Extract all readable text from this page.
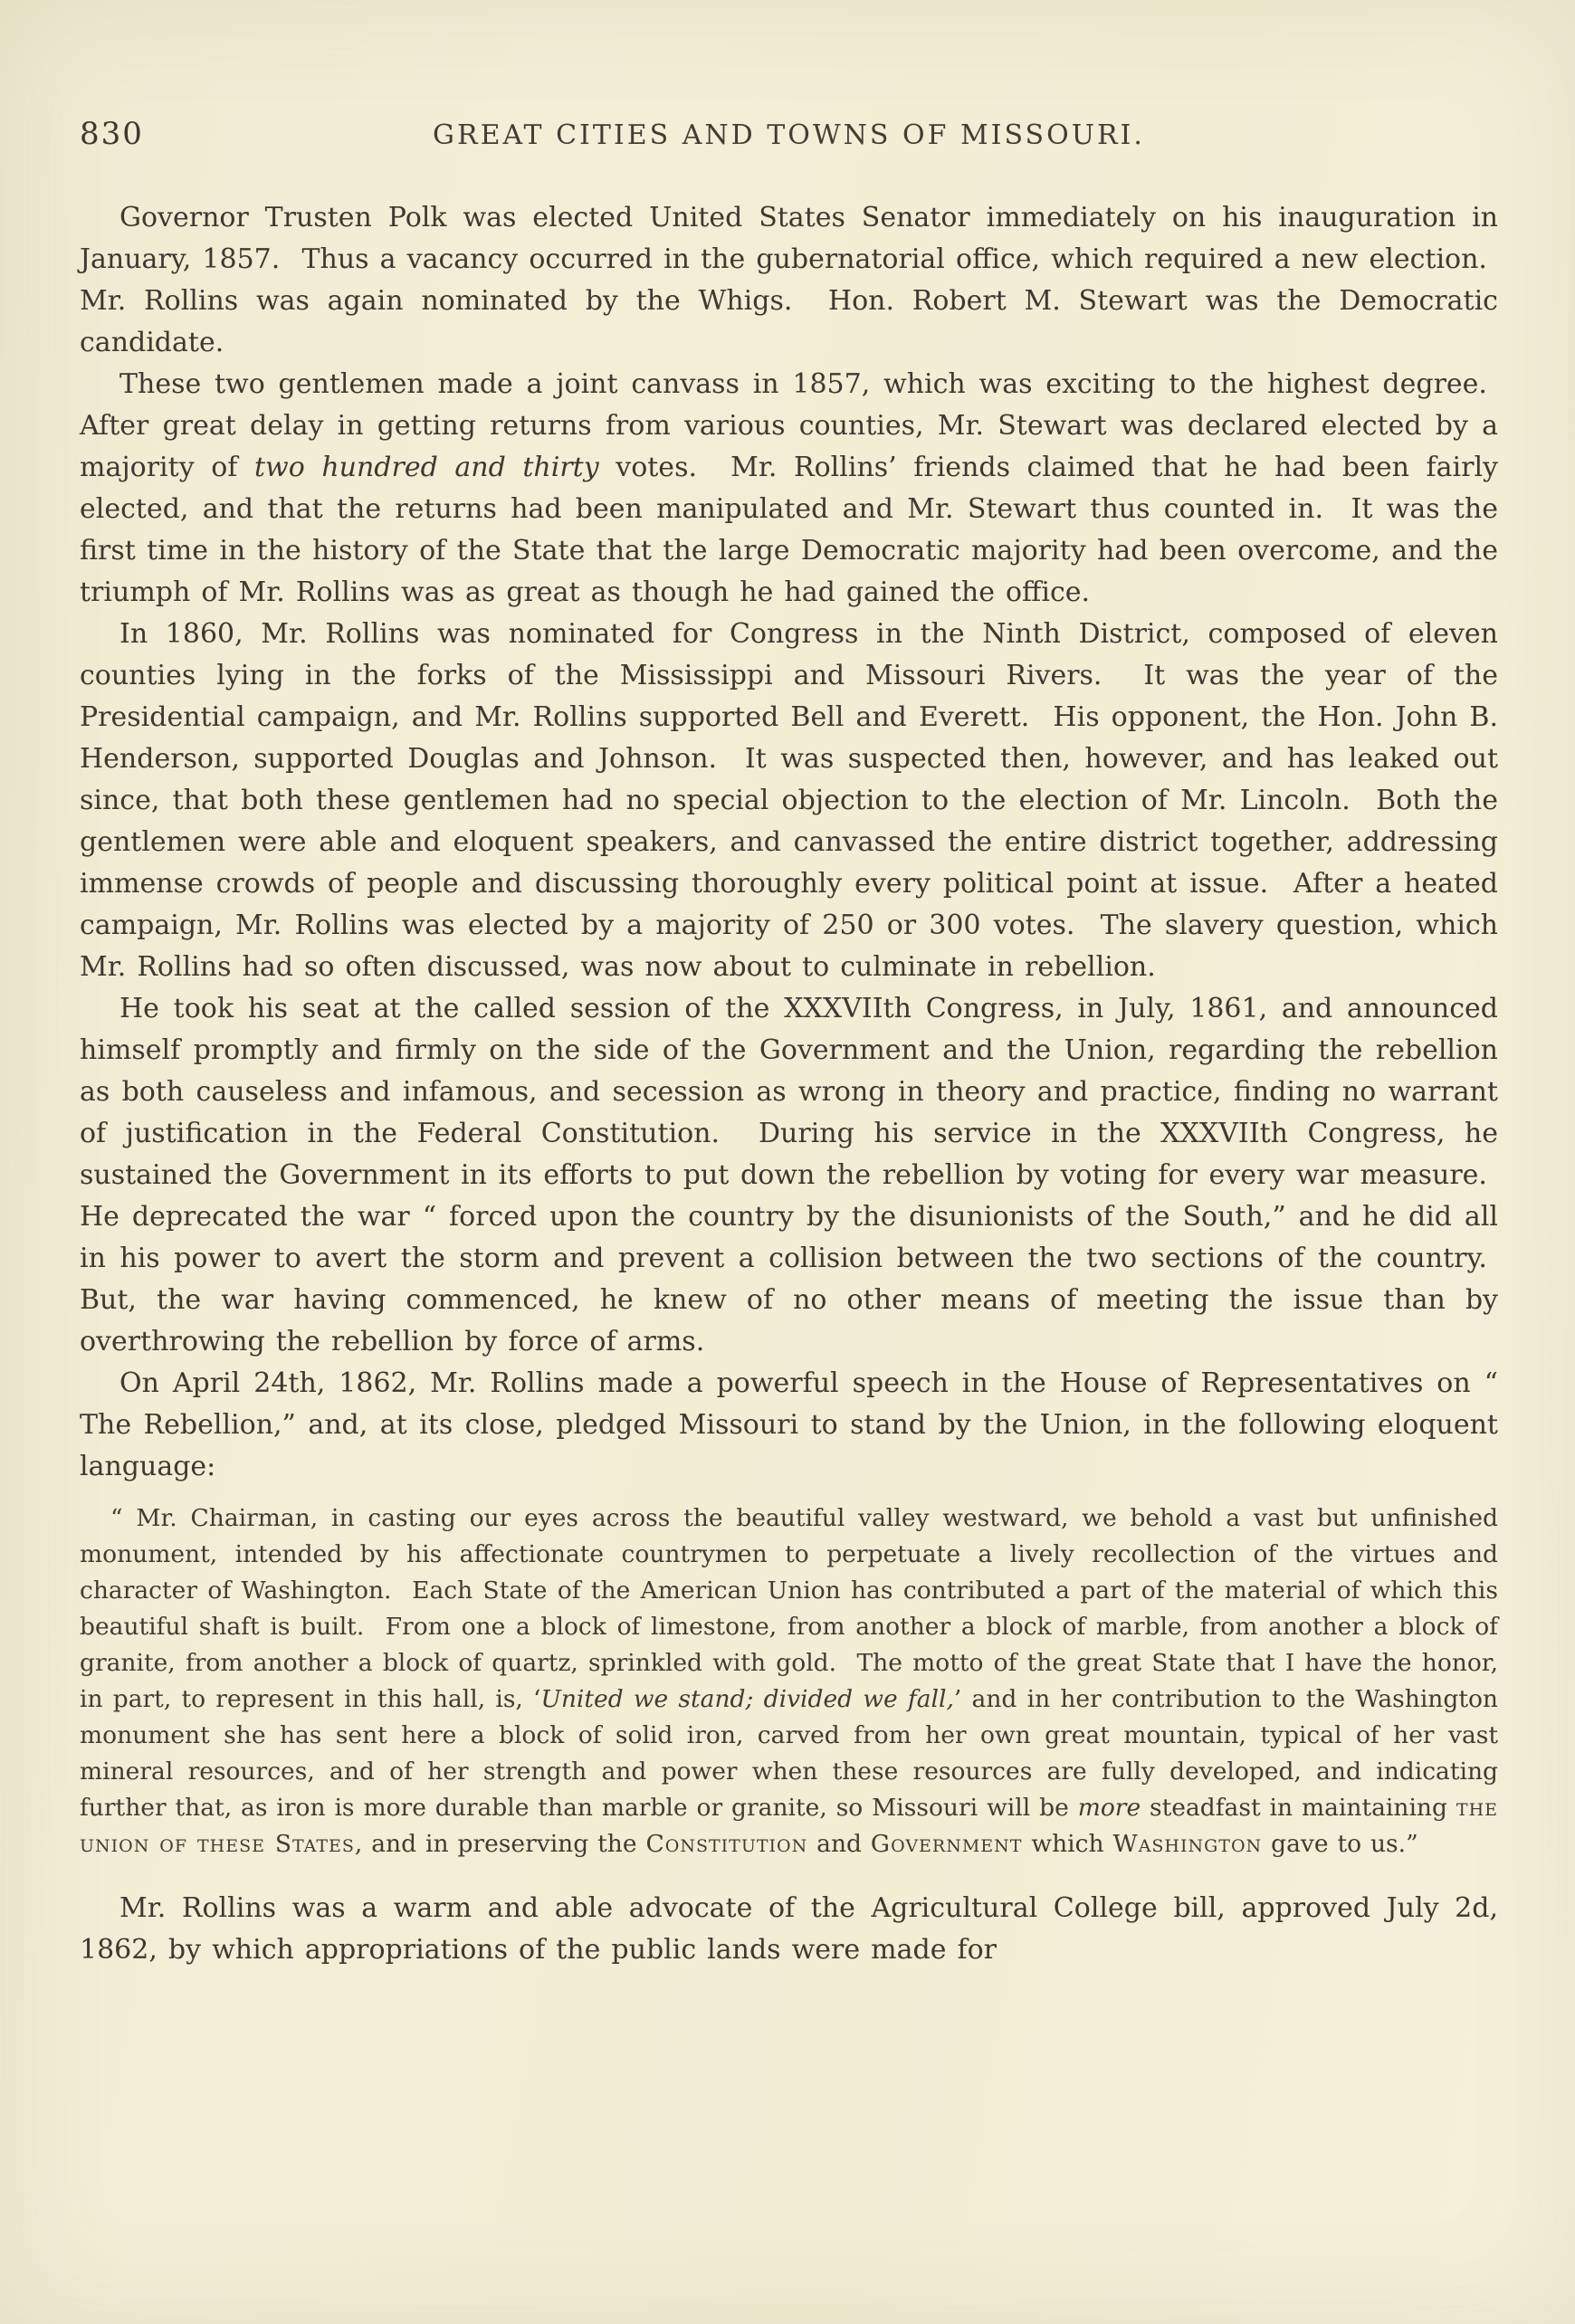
830	GREAT CITIES AND TOWNS OF MISSOURI.

Governor Trusten Polk was elected United States Senator immediately on his inauguration in January, 1857.  Thus a vacancy occurred in the gubernatorial office, which required a new election.  Mr. Rollins was again nominated by the Whigs.  Hon. Robert M. Stewart was the Democratic candidate.

These two gentlemen made a joint canvass in 1857, which was exciting to the highest degree.  After great delay in getting returns from various counties, Mr. Stewart was declared elected by a majority of two hundred and thirty votes.  Mr. Rollins’ friends claimed that he had been fairly elected, and that the returns had been manipulated and Mr. Stewart thus counted in.  It was the first time in the history of the State that the large Democratic majority had been overcome, and the triumph of Mr. Rollins was as great as though he had gained the office.

In 1860, Mr. Rollins was nominated for Congress in the Ninth District, composed of eleven counties lying in the forks of the Mississippi and Missouri Rivers.  It was the year of the Presidential campaign, and Mr. Rollins supported Bell and Everett.  His opponent, the Hon. John B. Henderson, supported Douglas and Johnson.  It was suspected then, however, and has leaked out since, that both these gentlemen had no special objection to the election of Mr. Lincoln.  Both the gentlemen were able and eloquent speakers, and canvassed the entire district together, addressing immense crowds of people and discussing thoroughly every political point at issue.  After a heated campaign, Mr. Rollins was elected by a majority of 250 or 300 votes.  The slavery question, which Mr. Rollins had so often discussed, was now about to culminate in rebellion.

He took his seat at the called session of the XXXVIIth Congress, in July, 1861, and announced himself promptly and firmly on the side of the Government and the Union, regarding the rebellion as both causeless and infamous, and secession as wrong in theory and practice, finding no warrant of justification in the Federal Constitution.  During his service in the XXXVIIth Congress, he sustained the Government in its efforts to put down the rebellion by voting for every war measure.  He deprecated the war “ forced upon the country by the disunionists of the South,” and he did all in his power to avert the storm and prevent a collision between the two sections of the country.  But, the war having commenced, he knew of no other means of meeting the issue than by overthrowing the rebellion by force of arms.

On April 24th, 1862, Mr. Rollins made a powerful speech in the House of Representatives on “ The Rebellion,” and, at its close, pledged Missouri to stand by the Union, in the following eloquent language:

“ Mr. Chairman, in casting our eyes across the beautiful valley westward, we behold a vast but unfinished monument, intended by his affectionate countrymen to perpetuate a lively recollection of the virtues and character of Washington.  Each State of the American Union has contributed a part of the material of which this beautiful shaft is built.  From one a block of limestone, from another a block of marble, from another a block of granite, from another a block of quartz, sprinkled with gold.  The motto of the great State that I have the honor, in part, to represent in this hall, is, ‘United we stand; divided we fall,’ and in her contribution to the Washington monument she has sent here a block of solid iron, carved from her own great mountain, typical of her vast mineral resources, and of her strength and power when these resources are fully developed, and indicating further that, as iron is more durable than marble or granite, so Missouri will be more steadfast in maintaining the union of these States, and in preserving the Constitution and Government which Washington gave to us.”

Mr. Rollins was a warm and able advocate of the Agricultural College bill, approved July 2d, 1862, by which appropriations of the public lands were made for
